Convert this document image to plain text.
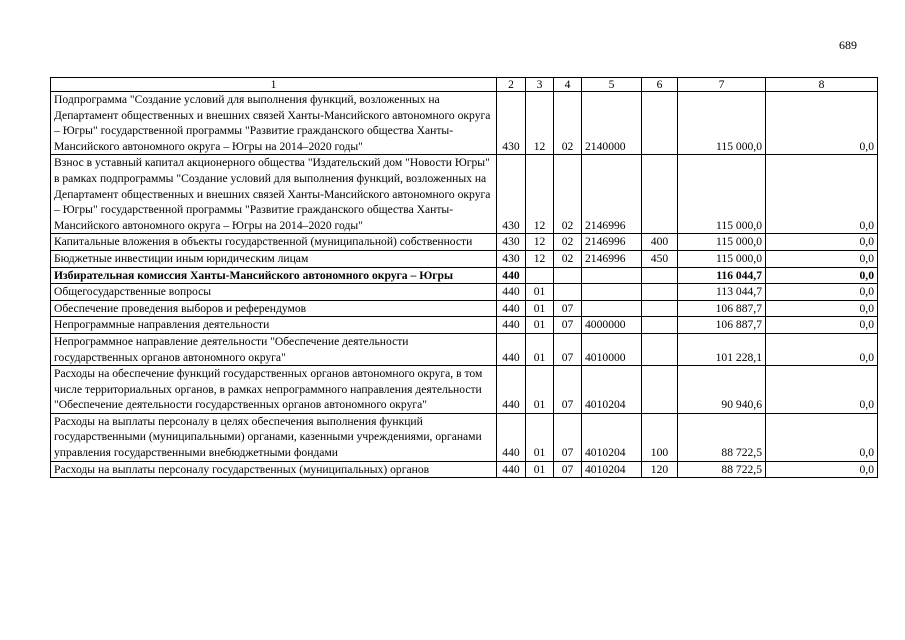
689
1	2	3	4	5	6	7	8
Подпрограмма "Создание условий для выполнения функций, возложенных на Департамент общественных и внешних связей Ханты-Мансийского автономного округа – Югры" государственной программы "Развитие гражданского общества Ханты-Мансийского автономного округа – Югры на 2014–2020 годы"	430	12	02	2140000		115 000,0	0,0
Взнос в уставный капитал акционерного общества "Издательский дом "Новости Югры" в рамках подпрограммы "Создание условий для выполнения функций, возложенных на Департамент общественных и внешних связей Ханты-Мансийского автономного округа – Югры" государственной программы "Развитие гражданского общества Ханты-Мансийского автономного округа – Югры на 2014–2020 годы"	430	12	02	2146996		115 000,0	0,0
Капитальные вложения в объекты государственной (муниципальной) собственности	430	12	02	2146996	400	115 000,0	0,0
Бюджетные инвестиции иным юридическим лицам	430	12	02	2146996	450	115 000,0	0,0
Избирательная комиссия Ханты-Мансийского автономного округа – Югры	440					116 044,7	0,0
Общегосударственные вопросы	440	01				113 044,7	0,0
Обеспечение проведения выборов и референдумов	440	01	07			106 887,7	0,0
Непрограммные направления деятельности	440	01	07	4000000		106 887,7	0,0
Непрограммное направление деятельности "Обеспечение деятельности государственных органов автономного округа"	440	01	07	4010000		101 228,1	0,0
Расходы на обеспечение функций государственных органов автономного округа, в том числе территориальных органов, в рамках непрограммного направления деятельности "Обеспечение деятельности государственных органов автономного округа"	440	01	07	4010204		90 940,6	0,0
Расходы на выплаты персоналу в целях обеспечения выполнения функций государственными (муниципальными) органами, казенными учреждениями, органами управления государственными внебюджетными фондами	440	01	07	4010204	100	88 722,5	0,0
Расходы на выплаты персоналу государственных (муниципальных) органов	440	01	07	4010204	120	88 722,5	0,0
